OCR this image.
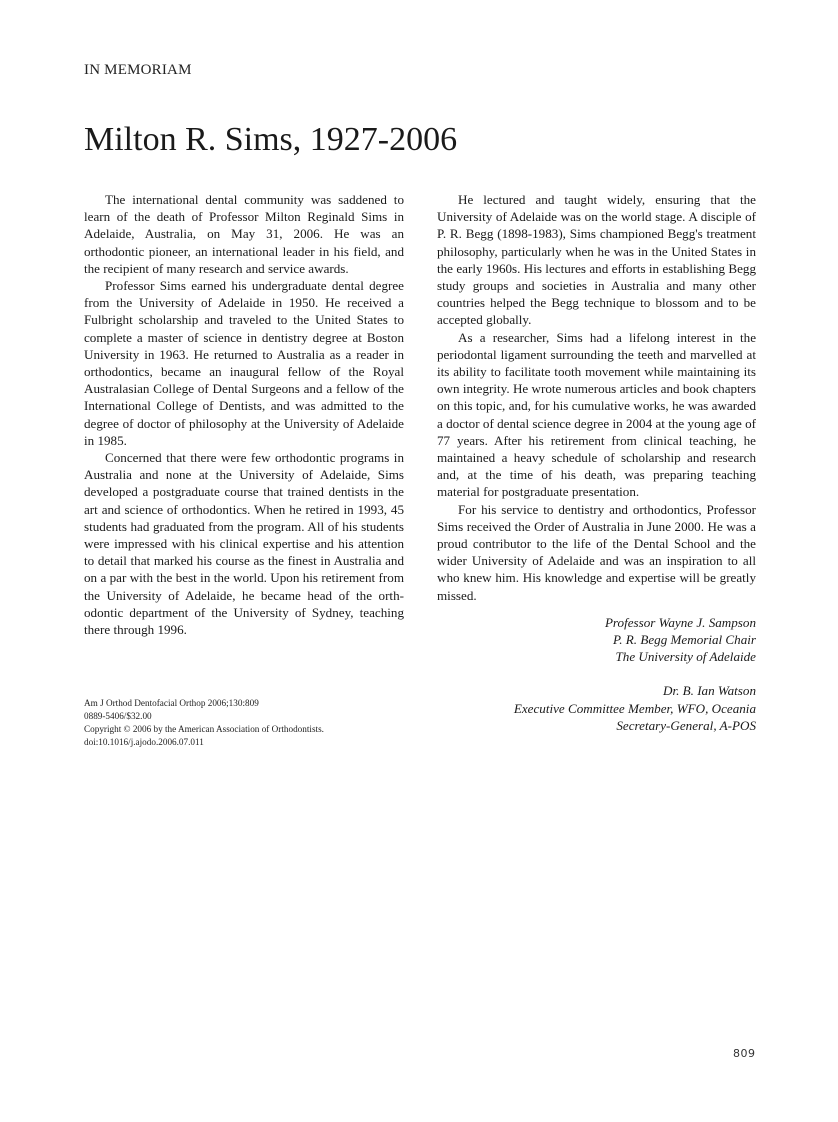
IN MEMORIAM
Milton R. Sims, 1927-2006

The international dental community was saddened to learn of the death of Professor Milton Reginald Sims in Adelaide, Australia, on May 31, 2006. He was an orthodontic pioneer, an international leader in his field, and the recipient of many research and service awards.

Professor Sims earned his undergraduate dental degree from the University of Adelaide in 1950. He received a Fulbright scholarship and traveled to the United States to complete a master of science in dentistry degree at Boston University in 1963. He returned to Australia as a reader in orthodontics, became an inaugural fellow of the Royal Australasian College of Dental Surgeons and a fellow of the International College of Dentists, and was admitted to the degree of doctor of philosophy at the University of Adelaide in 1985.

Concerned that there were few orthodontic programs in Australia and none at the University of Adelaide, Sims developed a postgraduate course that trained dentists in the art and science of orthodontics. When he retired in 1993, 45 students had graduated from the program. All of his students were impressed with his clinical expertise and his attention to detail that marked his course as the finest in Australia and on a par with the best in the world. Upon his retirement from the University of Adelaide, he became head of the orthodontic department of the University of Sydney, teaching there through 1996.

He lectured and taught widely, ensuring that the University of Adelaide was on the world stage. A disciple of P. R. Begg (1898-1983), Sims championed Begg's treatment philosophy, particularly when he was in the United States in the early 1960s. His lectures and efforts in establishing Begg study groups and societies in Australia and many other countries helped the Begg technique to blossom and to be accepted globally.

As a researcher, Sims had a lifelong interest in the periodontal ligament surrounding the teeth and marvelled at its ability to facilitate tooth movement while maintaining its own integrity. He wrote numerous articles and book chapters on this topic, and, for his cumulative works, he was awarded a doctor of dental science degree in 2004 at the young age of 77 years. After his retirement from clinical teaching, he maintained a heavy schedule of scholarship and research and, at the time of his death, was preparing teaching material for postgraduate presentation.

For his service to dentistry and orthodontics, Professor Sims received the Order of Australia in June 2000. He was a proud contributor to the life of the Dental School and the wider University of Adelaide and was an inspiration to all who knew him. His knowledge and expertise will be greatly missed.

Professor Wayne J. Sampson
P. R. Begg Memorial Chair
The University of Adelaide
Dr. B. Ian Watson
Executive Committee Member, WFO, Oceania
Secretary-General, A-POS
Am J Orthod Dentofacial Orthop 2006;130:809
0889-5406/$32.00
Copyright © 2006 by the American Association of Orthodontists.
doi:10.1016/j.ajodo.2006.07.011
809
